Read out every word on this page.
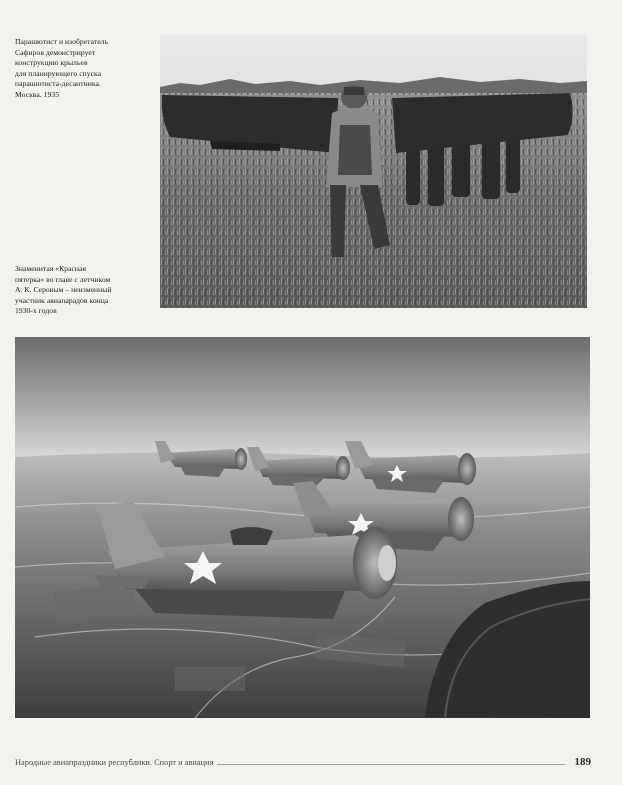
Парашютист и изобретатель
Сафиров демонстрирует
конструкцию крыльев
для планирующего спуска
парашютиста-десантника.
Москва. 1935
Знаменитая «Красная
пятерка» во главе с летчиком
А. К. Серовым – неизменный
участник авиапарадов конца
1930-х годов
Народные авиапраздники республики. Спорт и авиация	189
